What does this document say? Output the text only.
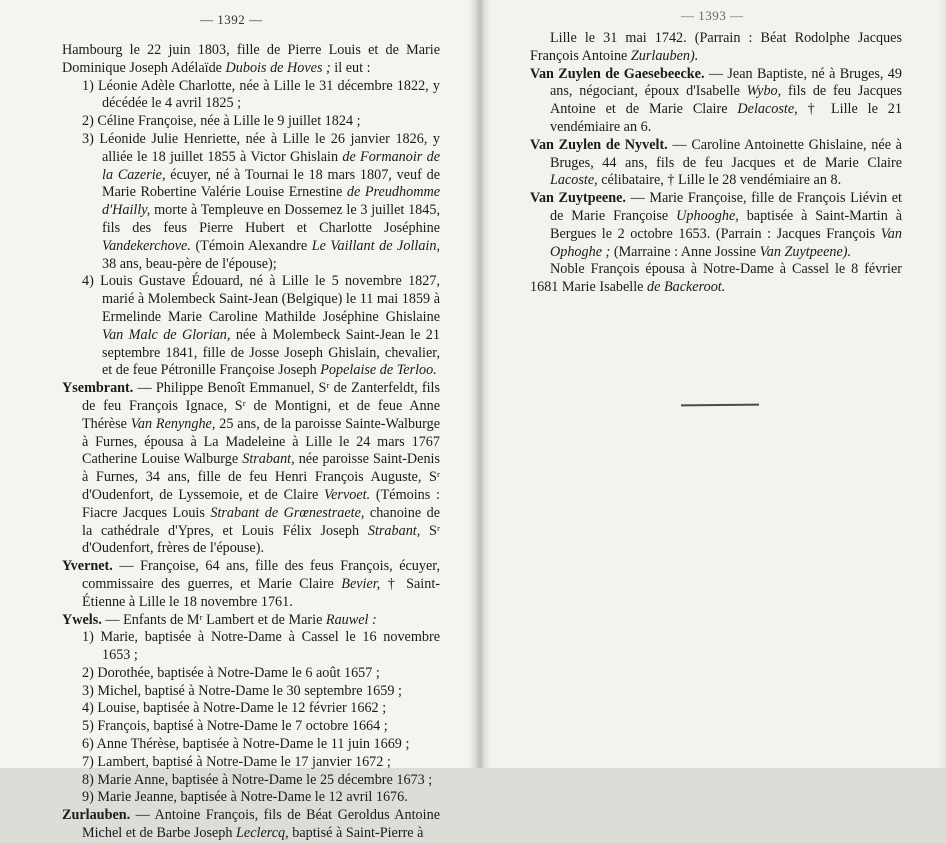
— 1392 —

Hambourg le 22 juin 1803, fille de Pierre Louis et de Marie Dominique Joseph Adélaïde Dubois de Hoves ; il eut :

1) Léonie Adèle Charlotte, née à Lille le 31 décembre 1822, y décédée le 4 avril 1825 ;

2) Céline Françoise, née à Lille le 9 juillet 1824 ;

3) Léonide Julie Henriette, née à Lille le 26 janvier 1826, y alliée le 18 juillet 1855 à Victor Ghislain de Formanoir de la Cazerie, écuyer, né à Tournai le 18 mars 1807, veuf de Marie Robertine Valérie Louise Ernestine de Preudhomme d'Hailly, morte à Templeuve en Dossemez le 3 juillet 1845, fils des feus Pierre Hubert et Charlotte Joséphine Vandekerchove. (Témoin Alexandre Le Vaillant de Jollain, 38 ans, beau-père de l'épouse);

4) Louis Gustave Édouard, né à Lille le 5 novembre 1827, marié à Molembeck Saint-Jean (Belgique) le 11 mai 1859 à Ermelinde Marie Caroline Mathilde Joséphine Ghislaine Van Malc de Glorian, née à Molembeck Saint-Jean le 21 septembre 1841, fille de Josse Joseph Ghislain, chevalier, et de feue Pétronille Françoise Joseph Popelaise de Terloo.

Ysembrant. — Philippe Benoît Emmanuel, Sʳ de Zanterfeldt, fils de feu François Ignace, Sʳ de Montigni, et de feue Anne Thérèse Van Renynghe, 25 ans, de la paroisse Sainte-Walburge à Furnes, épousa à La Madeleine à Lille le 24 mars 1767 Catherine Louise Walburge Strabant, née paroisse Saint-Denis à Furnes, 34 ans, fille de feu Henri François Auguste, Sʳ d'Oudenfort, de Lyssemoie, et de Claire Vervoet. (Témoins : Fiacre Jacques Louis Strabant de Grœnestraete, chanoine de la cathédrale d'Ypres, et Louis Félix Joseph Strabant, Sʳ d'Oudenfort, frères de l'épouse).

Yvernet. — Françoise, 64 ans, fille des feus François, écuyer, commissaire des guerres, et Marie Claire Bevier, † Saint-Étienne à Lille le 18 novembre 1761.

Ywels. — Enfants de Mʳ Lambert et de Marie Rauwel :

1) Marie, baptisée à Notre-Dame à Cassel le 16 novembre 1653 ;

2) Dorothée, baptisée à Notre-Dame le 6 août 1657 ;

3) Michel, baptisé à Notre-Dame le 30 septembre 1659 ;

4) Louise, baptisée à Notre-Dame le 12 février 1662 ;

5) François, baptisé à Notre-Dame le 7 octobre 1664 ;

6) Anne Thérèse, baptisée à Notre-Dame le 11 juin 1669 ;

7) Lambert, baptisé à Notre-Dame le 17 janvier 1672 ;

8) Marie Anne, baptisée à Notre-Dame le 25 décembre 1673 ;

9) Marie Jeanne, baptisée à Notre-Dame le 12 avril 1676.

Zurlauben. — Antoine François, fils de Béat Geroldus Antoine Michel et de Barbe Joseph Leclercq, baptisé à Saint-Pierre à

— 1393 —

Lille le 31 mai 1742. (Parrain : Béat Rodolphe Jacques François Antoine Zurlauben).

Van Zuylen de Gaesebeecke. — Jean Baptiste, né à Bruges, 49 ans, négociant, époux d'Isabelle Wybo, fils de feu Jacques Antoine et de Marie Claire Delacoste, † Lille le 21 vendémiaire an 6.

Van Zuylen de Nyvelt. — Caroline Antoinette Ghislaine, née à Bruges, 44 ans, fils de feu Jacques et de Marie Claire Lacoste, célibataire, † Lille le 28 vendémiaire an 8.

Van Zuytpeene. — Marie Françoise, fille de François Liévin et de Marie Françoise Uphooghe, baptisée à Saint-Martin à Bergues le 2 octobre 1653. (Parrain : Jacques François Van Ophoghe ; (Marraine : Anne Jossine Van Zuytpeene).

Noble François épousa à Notre-Dame à Cassel le 8 février 1681 Marie Isabelle de Backeroot.
